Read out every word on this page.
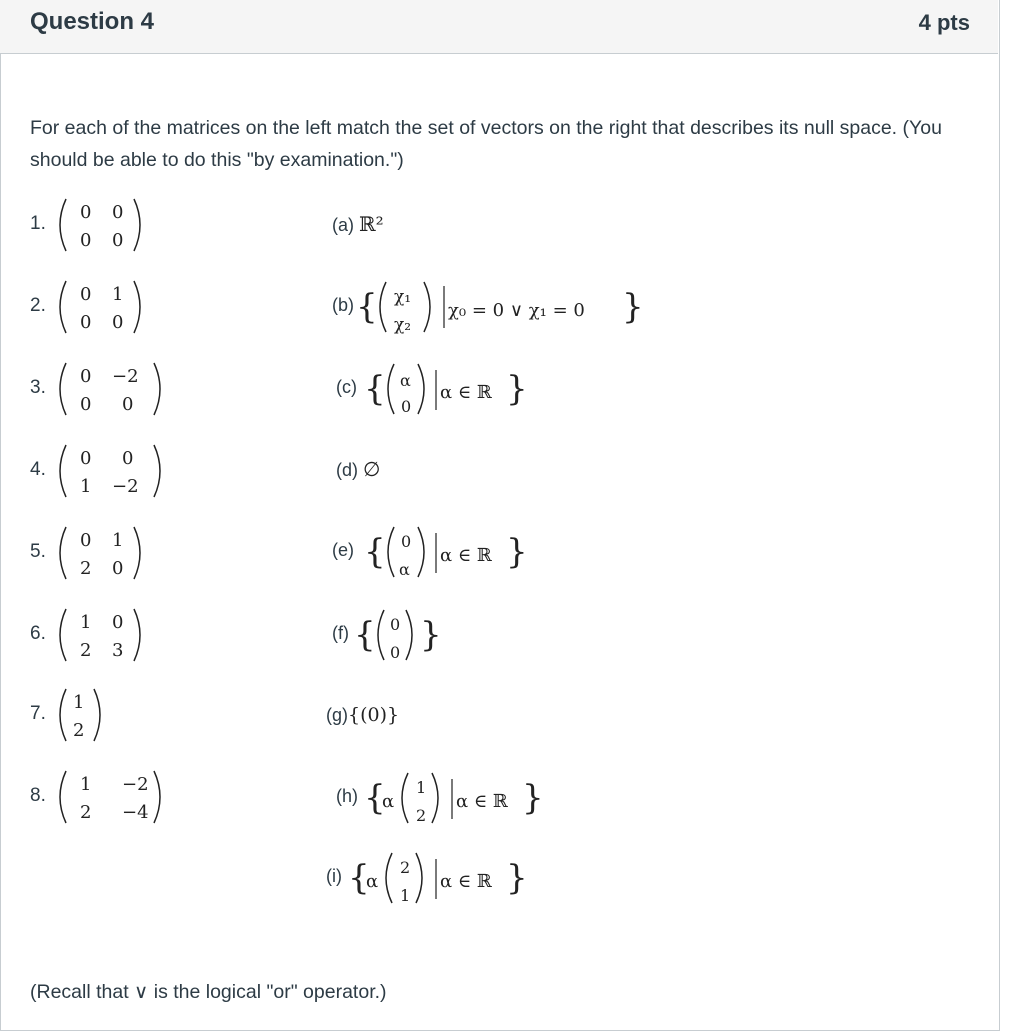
Question 4	4 pts
For each of the matrices on the left match the set of vectors on the right that describes its null space. (You should be able to do this "by examination.")
1.
0 0
0 0
2.
0 1
0 0
3.
0 −2
0 0
4.
0 0
1 −2
5.
0 1
2 0
6.
1 0
2 3
7.
1
2
8.
1 −2
2 −4
(a) ℝ²
(b) { χ₁
χ₂
χ₀ = 0 ∨ χ₁ = 0 }
(c) { α
0
α ∈ ℝ }
(d) ∅
(e) { 0
α
α ∈ ℝ }
(f) { 0
0 }
(g){(0)}
(h) {
α
1
2
α ∈ ℝ }
(i) {
α
2
1
α ∈ ℝ }
(Recall that ∨ is the logical "or" operator.)
